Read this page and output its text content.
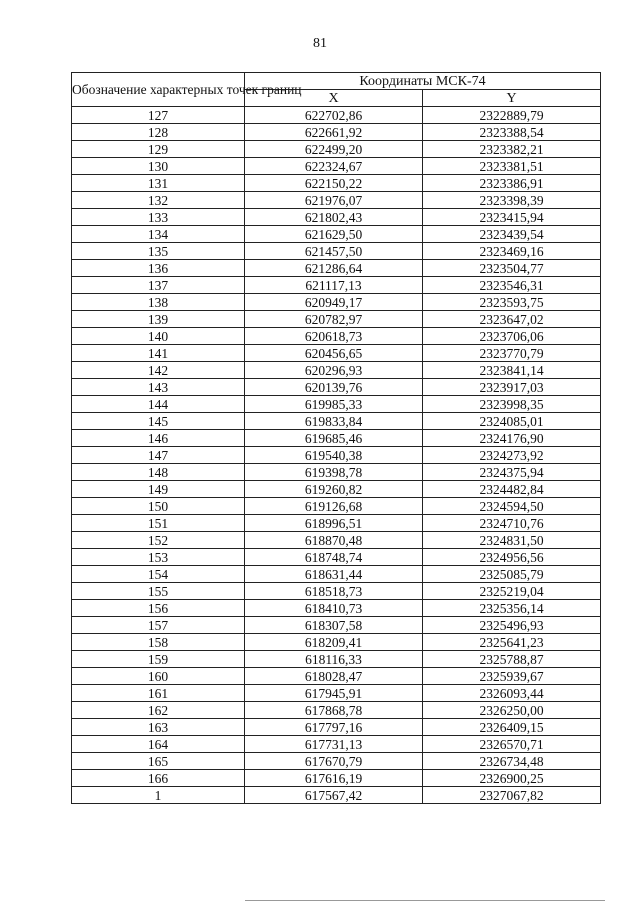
81
Обозначение характерных точек границ	Координаты МСК-74	
	X	Y
127	622702,86	2322889,79
128	622661,92	2323388,54
129	622499,20	2323382,21
130	622324,67	2323381,51
131	622150,22	2323386,91
132	621976,07	2323398,39
133	621802,43	2323415,94
134	621629,50	2323439,54
135	621457,50	2323469,16
136	621286,64	2323504,77
137	621117,13	2323546,31
138	620949,17	2323593,75
139	620782,97	2323647,02
140	620618,73	2323706,06
141	620456,65	2323770,79
142	620296,93	2323841,14
143	620139,76	2323917,03
144	619985,33	2323998,35
145	619833,84	2324085,01
146	619685,46	2324176,90
147	619540,38	2324273,92
148	619398,78	2324375,94
149	619260,82	2324482,84
150	619126,68	2324594,50
151	618996,51	2324710,76
152	618870,48	2324831,50
153	618748,74	2324956,56
154	618631,44	2325085,79
155	618518,73	2325219,04
156	618410,73	2325356,14
157	618307,58	2325496,93
158	618209,41	2325641,23
159	618116,33	2325788,87
160	618028,47	2325939,67
161	617945,91	2326093,44
162	617868,78	2326250,00
163	617797,16	2326409,15
164	617731,13	2326570,71
165	617670,79	2326734,48
166	617616,19	2326900,25
1	617567,42	2327067,82
